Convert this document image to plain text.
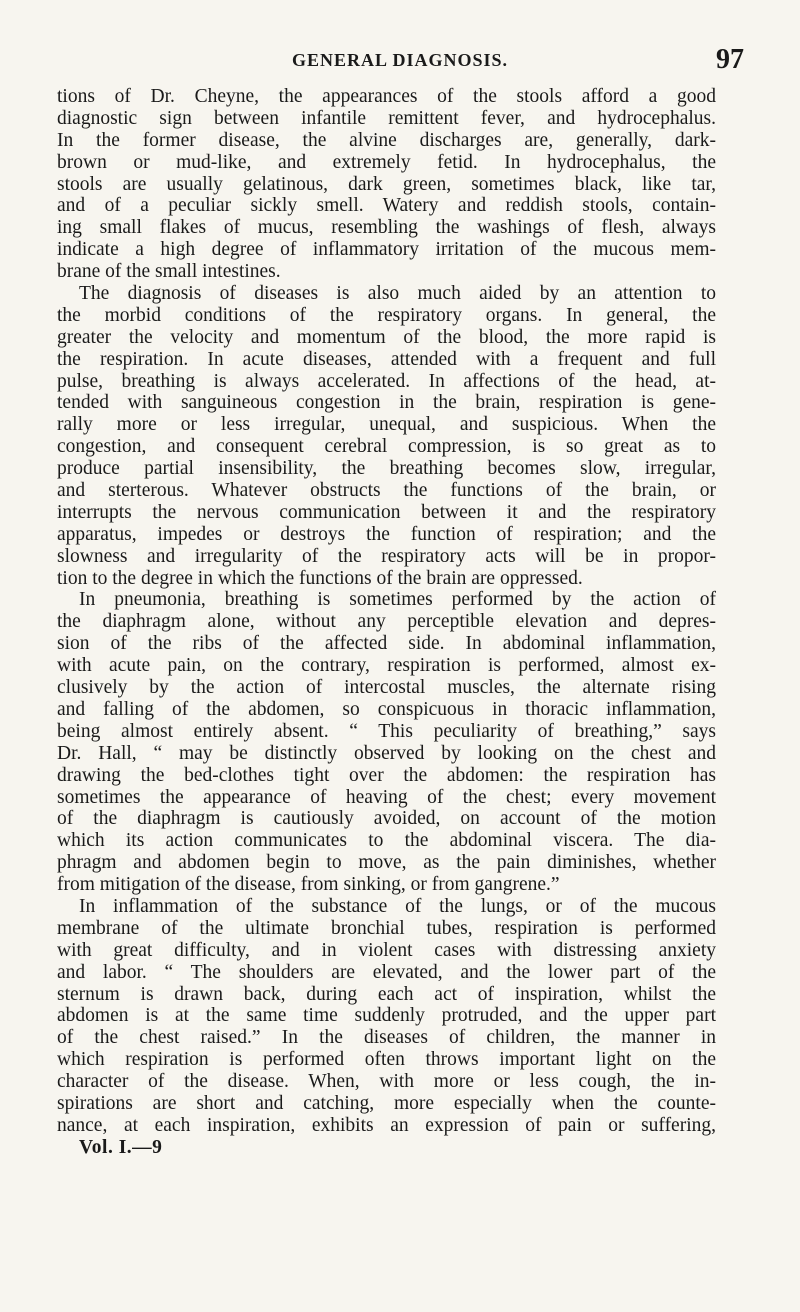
GENERAL DIAGNOSIS.	97
tions of Dr. Cheyne, the appearances of the stools afford a good
diagnostic sign between infantile remittent fever, and hydrocephalus.
In the former disease, the alvine discharges are, generally, dark-
brown or mud-like, and extremely fetid. In hydrocephalus, the
stools are usually gelatinous, dark green, sometimes black, like tar,
and of a peculiar sickly smell. Watery and reddish stools, contain-
ing small flakes of mucus, resembling the washings of flesh, always
indicate a high degree of inflammatory irritation of the mucous mem-
brane of the small intestines.
The diagnosis of diseases is also much aided by an attention to
the morbid conditions of the respiratory organs. In general, the
greater the velocity and momentum of the blood, the more rapid is
the respiration. In acute diseases, attended with a frequent and full
pulse, breathing is always accelerated. In affections of the head, at-
tended with sanguineous congestion in the brain, respiration is gene-
rally more or less irregular, unequal, and suspicious. When the
congestion, and consequent cerebral compression, is so great as to
produce partial insensibility, the breathing becomes slow, irregular,
and sterterous. Whatever obstructs the functions of the brain, or
interrupts the nervous communication between it and the respiratory
apparatus, impedes or destroys the function of respiration; and the
slowness and irregularity of the respiratory acts will be in propor-
tion to the degree in which the functions of the brain are oppressed.
In pneumonia, breathing is sometimes performed by the action of
the diaphragm alone, without any perceptible elevation and depres-
sion of the ribs of the affected side. In abdominal inflammation,
with acute pain, on the contrary, respiration is performed, almost ex-
clusively by the action of intercostal muscles, the alternate rising
and falling of the abdomen, so conspicuous in thoracic inflammation,
being almost entirely absent. “ This peculiarity of breathing,” says
Dr. Hall, “ may be distinctly observed by looking on the chest and
drawing the bed-clothes tight over the abdomen: the respiration has
sometimes the appearance of heaving of the chest; every movement
of the diaphragm is cautiously avoided, on account of the motion
which its action communicates to the abdominal viscera. The dia-
phragm and abdomen begin to move, as the pain diminishes, whether
from mitigation of the disease, from sinking, or from gangrene.”
In inflammation of the substance of the lungs, or of the mucous
membrane of the ultimate bronchial tubes, respiration is performed
with great difficulty, and in violent cases with distressing anxiety
and labor. “ The shoulders are elevated, and the lower part of the
sternum is drawn back, during each act of inspiration, whilst the
abdomen is at the same time suddenly protruded, and the upper part
of the chest raised.” In the diseases of children, the manner in
which respiration is performed often throws important light on the
character of the disease. When, with more or less cough, the in-
spirations are short and catching, more especially when the counte-
nance, at each inspiration, exhibits an expression of pain or suffering,
Vol. I.—9
